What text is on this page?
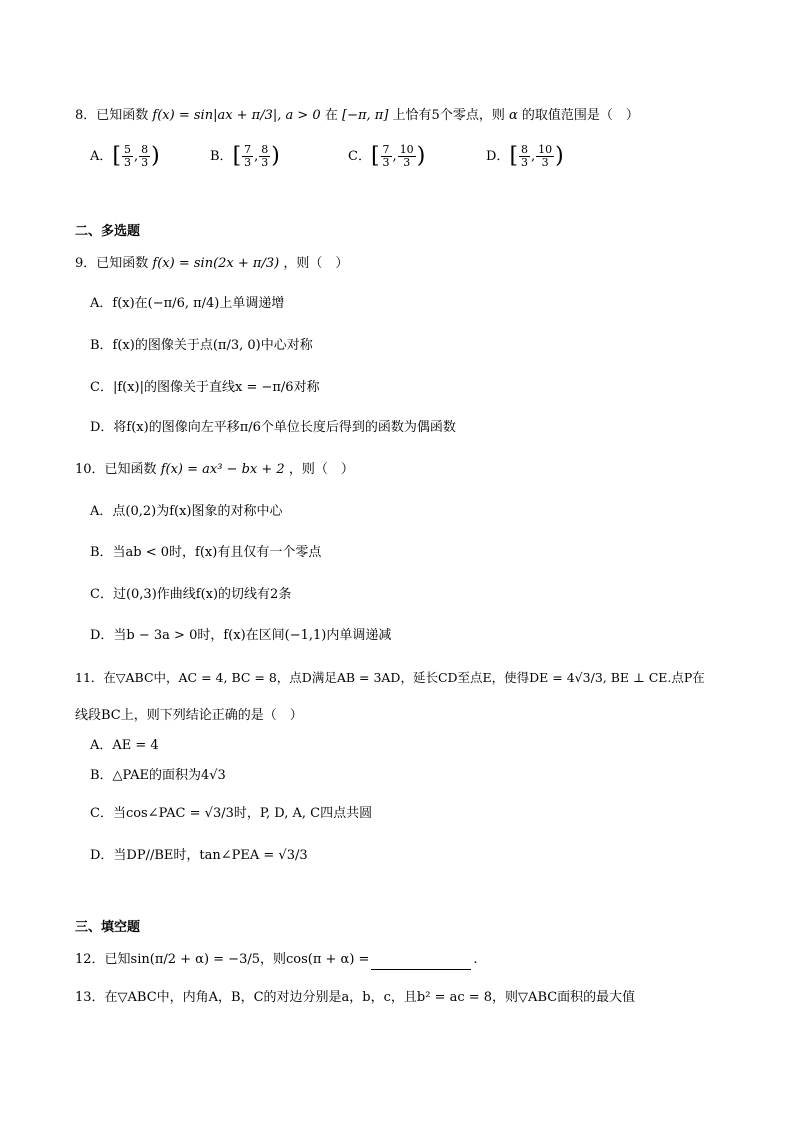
8．已知函数 f(x) = sin|ax + π/3|, a > 0 在 [−π, π] 上恰有5个零点，则 α 的取值范围是（　）
A．[ $\frac{5}{3}$ , $\frac{8}{3}$ )	B．[ $\frac{7}{3}$ , $\frac{8}{3}$ )	C．[ $\frac{7}{3}$ , $\frac{10}{3}$ )	D．[ $\frac{8}{3}$ , $\frac{10}{3}$ )
二、多选题
9．已知函数 f(x) = sin(2x + π/3) ，则（　）
A．f(x)在(−π/6, π/4)上单调递增
B．f(x)的图像关于点(π/3, 0)中心对称
C．|f(x)|的图像关于直线x = −π/6对称
D．将f(x)的图像向左平移π/6个单位长度后得到的函数为偶函数
10．已知函数 f(x) = ax³ − bx + 2 ，则（　）
A．点(0,2)为f(x)图象的对称中心
B．当ab < 0时，f(x)有且仅有一个零点
C．过(0,3)作曲线f(x)的切线有2条
D．当b − 3a > 0时，f(x)在区间(−1,1)内单调递减
11．在▽ABC中，AC = 4, BC = 8，点D满足AB = 3AD，延长CD至点E，使得DE = 4√3/3, BE ⊥ CE.点P在
线段BC上，则下列结论正确的是（　）
A．AE = 4
B．△PAE的面积为4√3
C．当cos∠PAC = √3/3时，P, D, A, C四点共圆
D．当DP//BE时，tan∠PEA = √3/3
三、填空题
12．已知sin(π/2 + α) = −3/5，则cos(π + α) =	.
13．在▽ABC中，内角A，B，C的对边分别是a，b，c，且b² = ac = 8，则▽ABC面积的最大值
